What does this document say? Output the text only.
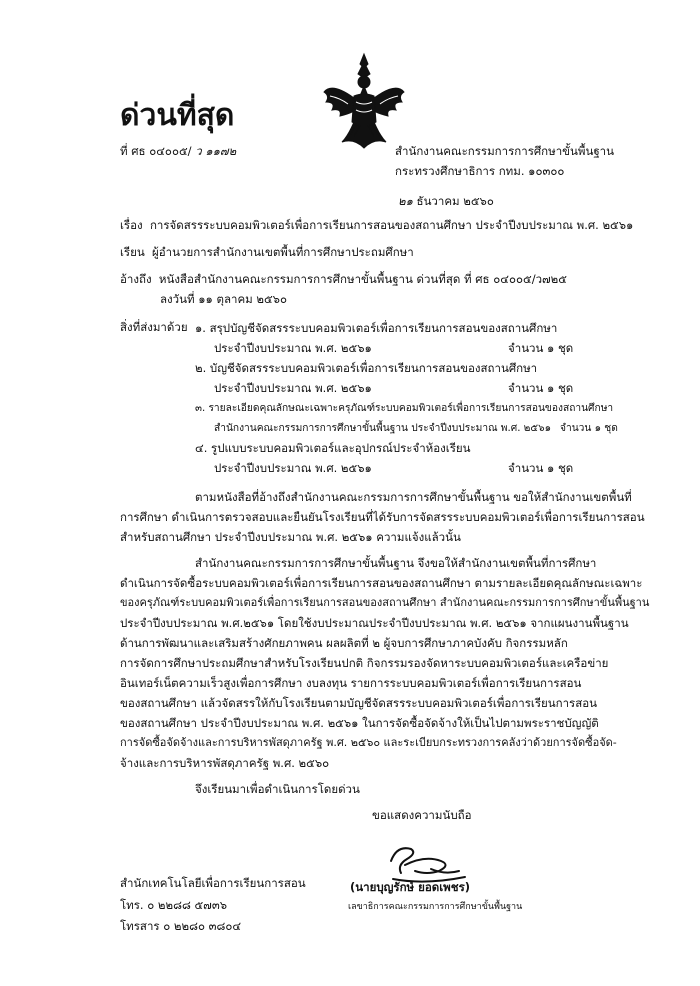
ด่วนที่สุด
ที่ ศธ ๐๔๐๐๕/ ว ๑๑๗๒	สำนักงานคณะกรรมการการศึกษาขั้นพื้นฐาน
กระทรวงศึกษาธิการ กทม. ๑๐๓๐๐
๒๑ ธันวาคม ๒๕๖๐
เรื่อง การจัดสรรระบบคอมพิวเตอร์เพื่อการเรียนการสอนของสถานศึกษา ประจำปีงบประมาณ พ.ศ. ๒๕๖๑
เรียน ผู้อำนวยการสำนักงานเขตพื้นที่การศึกษาประถมศึกษา
อ้างถึง หนังสือสำนักงานคณะกรรมการการศึกษาขั้นพื้นฐาน ด่วนที่สุด ที่ ศธ ๐๔๐๐๕/ว๗๒๕
ลงวันที่ ๑๑ ตุลาคม ๒๕๖๐
สิ่งที่ส่งมาด้วย ๑. สรุปบัญชีจัดสรรระบบคอมพิวเตอร์เพื่อการเรียนการสอนของสถานศึกษา
ประจำปีงบประมาณ พ.ศ. ๒๕๖๑	จำนวน ๑ ชุด
๒. บัญชีจัดสรรระบบคอมพิวเตอร์เพื่อการเรียนการสอนของสถานศึกษา
ประจำปีงบประมาณ พ.ศ. ๒๕๖๑	จำนวน ๑ ชุด
๓. รายละเอียดคุณลักษณะเฉพาะครุภัณฑ์ระบบคอมพิวเตอร์เพื่อการเรียนการสอนของสถานศึกษา
สำนักงานคณะกรรมการการศึกษาขั้นพื้นฐาน ประจำปีงบประมาณ พ.ศ. ๒๕๖๑ จำนวน ๑ ชุด
๔. รูปแบบระบบคอมพิวเตอร์และอุปกรณ์ประจำห้องเรียน
ประจำปีงบประมาณ พ.ศ. ๒๕๖๑	จำนวน ๑ ชุด
ตามหนังสือที่อ้างถึงสำนักงานคณะกรรมการการศึกษาขั้นพื้นฐาน ขอให้สำนักงานเขตพื้นที่
การศึกษา ดำเนินการตรวจสอบและยืนยันโรงเรียนที่ได้รับการจัดสรรระบบคอมพิวเตอร์เพื่อการเรียนการสอน
สำหรับสถานศึกษา ประจำปีงบประมาณ พ.ศ. ๒๕๖๑ ความแจ้งแล้วนั้น
สำนักงานคณะกรรมการการศึกษาขั้นพื้นฐาน จึงขอให้สำนักงานเขตพื้นที่การศึกษา
ดำเนินการจัดซื้อระบบคอมพิวเตอร์เพื่อการเรียนการสอนของสถานศึกษา ตามรายละเอียดคุณลักษณะเฉพาะ
ของครุภัณฑ์ระบบคอมพิวเตอร์เพื่อการเรียนการสอนของสถานศึกษา สำนักงานคณะกรรมการการศึกษาขั้นพื้นฐาน
ประจำปีงบประมาณ พ.ศ.๒๕๖๑ โดยใช้งบประมาณประจำปีงบประมาณ พ.ศ. ๒๕๖๑ จากแผนงานพื้นฐาน
ด้านการพัฒนาและเสริมสร้างศักยภาพคน ผลผลิตที่ ๒ ผู้จบการศึกษาภาคบังคับ กิจกรรมหลัก
การจัดการศึกษาประถมศึกษาสำหรับโรงเรียนปกติ กิจกรรมรองจัดหาระบบคอมพิวเตอร์และเครือข่าย
อินเทอร์เน็ตความเร็วสูงเพื่อการศึกษา งบลงทุน รายการระบบคอมพิวเตอร์เพื่อการเรียนการสอน
ของสถานศึกษา แล้วจัดสรรให้กับโรงเรียนตามบัญชีจัดสรรระบบคอมพิวเตอร์เพื่อการเรียนการสอน
ของสถานศึกษา ประจำปีงบประมาณ พ.ศ. ๒๕๖๑ ในการจัดซื้อจัดจ้างให้เป็นไปตามพระราชบัญญัติ
การจัดซื้อจัดจ้างและการบริหารพัสดุภาครัฐ พ.ศ. ๒๕๖๐ และระเบียบกระทรวงการคลังว่าด้วยการจัดซื้อจัด-
จ้างและการบริหารพัสดุภาครัฐ พ.ศ. ๒๕๖๐
จึงเรียนมาเพื่อดำเนินการโดยด่วน
ขอแสดงความนับถือ
(นายบุญรักษ์ ยอดเพชร)
เลขาธิการคณะกรรมการการศึกษาขั้นพื้นฐาน
สำนักเทคโนโลยีเพื่อการเรียนการสอน
โทร. ๐ ๒๒๘๘ ๕๗๓๖
โทรสาร ๐ ๒๒๘๐ ๓๘๐๔
